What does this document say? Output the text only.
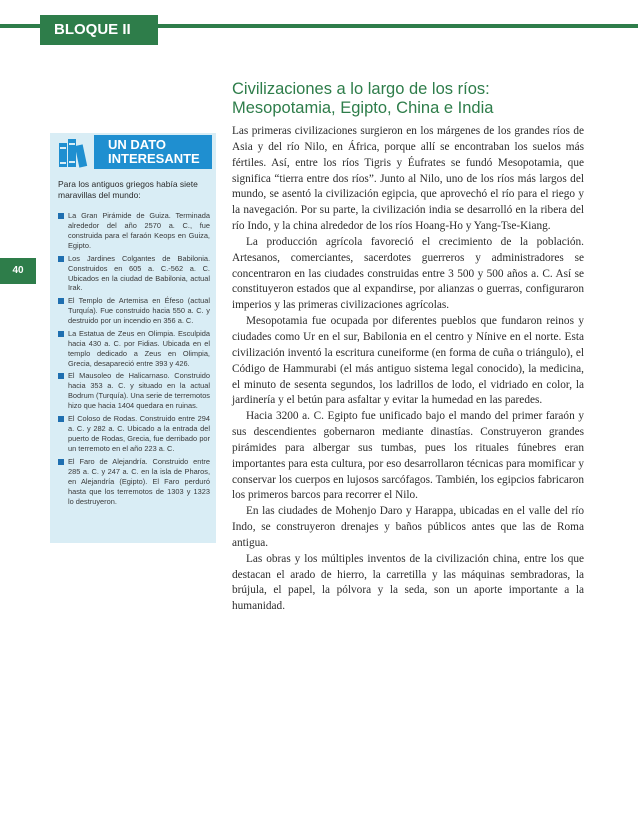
BLOQUE II
40
Civilizaciones a lo largo de los ríos:
Mesopotamia, Egipto, China e India
UN DATO
INTERESANTE

Para los antiguos griegos había siete maravillas del mundo:

La Gran Pirámide de Guiza. Terminada alrededor del año 2570 a. C., fue construida para el faraón Keops en Guiza, Egipto.
Los Jardines Colgantes de Babilonia. Construidos en 605 a. C.-562 a. C. Ubicados en la ciudad de Babilonia, actual Irak.
El Templo de Artemisa en Éfeso (actual Turquía). Fue construido hacia 550 a. C. y destruido por un incendio en 356 a. C.
La Estatua de Zeus en Olimpia. Esculpida hacia 430 a. C. por Fidias. Ubicada en el templo dedicado a Zeus en Olimpia, Grecia, desapareció entre 393 y 426.
El Mausoleo de Halicarnaso. Construido hacia 353 a. C. y situado en la actual Bodrum (Turquía). Una serie de terremotos hizo que hacia 1404 quedara en ruinas.
El Coloso de Rodas. Construido entre 294 a. C. y 282 a. C. Ubicado a la entrada del puerto de Rodas, Grecia, fue derribado por un terremoto en el año 223 a. C.
El Faro de Alejandría. Construido entre 285 a. C. y 247 a. C. en la isla de Pharos, en Alejandría (Egipto). El Faro perduró hasta que los terremotos de 1303 y 1323 lo destruyeron.

Las primeras civilizaciones surgieron en los márgenes de los grandes ríos de Asia y del río Nilo, en África, porque allí se encontraban los suelos más fértiles. Así, entre los ríos Tigris y Éufrates se fundó Mesopotamia, que significa “tierra entre dos ríos”. Junto al Nilo, uno de los ríos más largos del mundo, se asentó la civilización egipcia, que aprovechó el río para el riego y la navegación. Por su parte, la civilización india se desarrolló en la ribera del río Indo, y la china alrededor de los ríos Hoang-Ho y Yang-Tse-Kiang.

La producción agrícola favoreció el crecimiento de la población. Artesanos, comerciantes, sacerdotes guerreros y administradores se concentraron en las ciudades construidas entre 3 500 y 500 años a. C. Así se constituyeron estados que al expandirse, por alianzas o guerras, configuraron imperios y las primeras civilizaciones agrícolas.

Mesopotamia fue ocupada por diferentes pueblos que fundaron reinos y ciudades como Ur en el sur, Babilonia en el centro y Nínive en el norte. Esta civilización inventó la escritura cuneiforme (en forma de cuña o triángulo), el Código de Hammurabi (el más antiguo sistema legal conocido), la medicina, el minuto de sesenta segundos, los ladrillos de lodo, el vidriado en color, la jardinería y el betún para asfaltar y evitar la humedad en las paredes.

Hacia 3200 a. C. Egipto fue unificado bajo el mando del primer faraón y sus descendientes gobernaron mediante dinastías. Construyeron grandes pirámides para albergar sus tumbas, pues los rituales fúnebres eran importantes para esta cultura, por eso desarrollaron técnicas para momificar y conservar los cuerpos en lujosos sarcófagos. También, los egipcios fabricaron los primeros barcos para recorrer el Nilo.

En las ciudades de Mohenjo Daro y Harappa, ubicadas en el valle del río Indo, se construyeron drenajes y baños públicos antes que las de Roma antigua.

Las obras y los múltiples inventos de la civilización china, entre los que destacan el arado de hierro, la carretilla y las máquinas sembradoras, la brújula, el papel, la pólvora y la seda, son un aporte importante a la humanidad.
